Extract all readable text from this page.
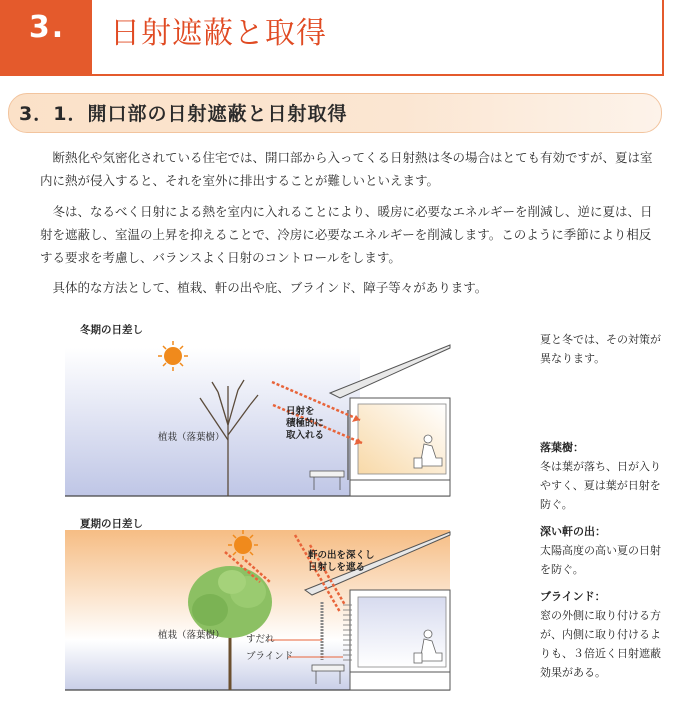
3.	日射遮蔽と取得
3．1．開口部の日射遮蔽と日射取得
　断熱化や気密化されている住宅では、開口部から入ってくる日射熱は冬の場合はとても有効ですが、夏は室内に熱が侵入すると、それを室外に排出することが難しいといえます。
　冬は、なるべく日射による熱を室内に入れることにより、暖房に必要なエネルギーを削減し、逆に夏は、日射を遮蔽し、室温の上昇を抑えることで、冷房に必要なエネルギーを削減します。このように季節により相反する要求を考慮し、バランスよく日射のコントロールをします。
　具体的な方法として、植栽、軒の出や庇、ブラインド、障子等々があります。
冬期の日差し
植栽（落葉樹）
日射を
積極的に
取入れる
夏期の日差し
軒の出を深くし
日射しを遮る
植栽（落葉樹） すだれ
ブラインド
夏と冬では、その対策が異なります。
落葉樹：
冬は葉が落ち、日が入りやすく、夏は葉が日射を防ぐ。
深い軒の出：
太陽高度の高い夏の日射を防ぐ。
ブラインド：
窓の外側に取り付ける方が、内側に取り付けるよりも、３倍近く日射遮蔽効果がある。
